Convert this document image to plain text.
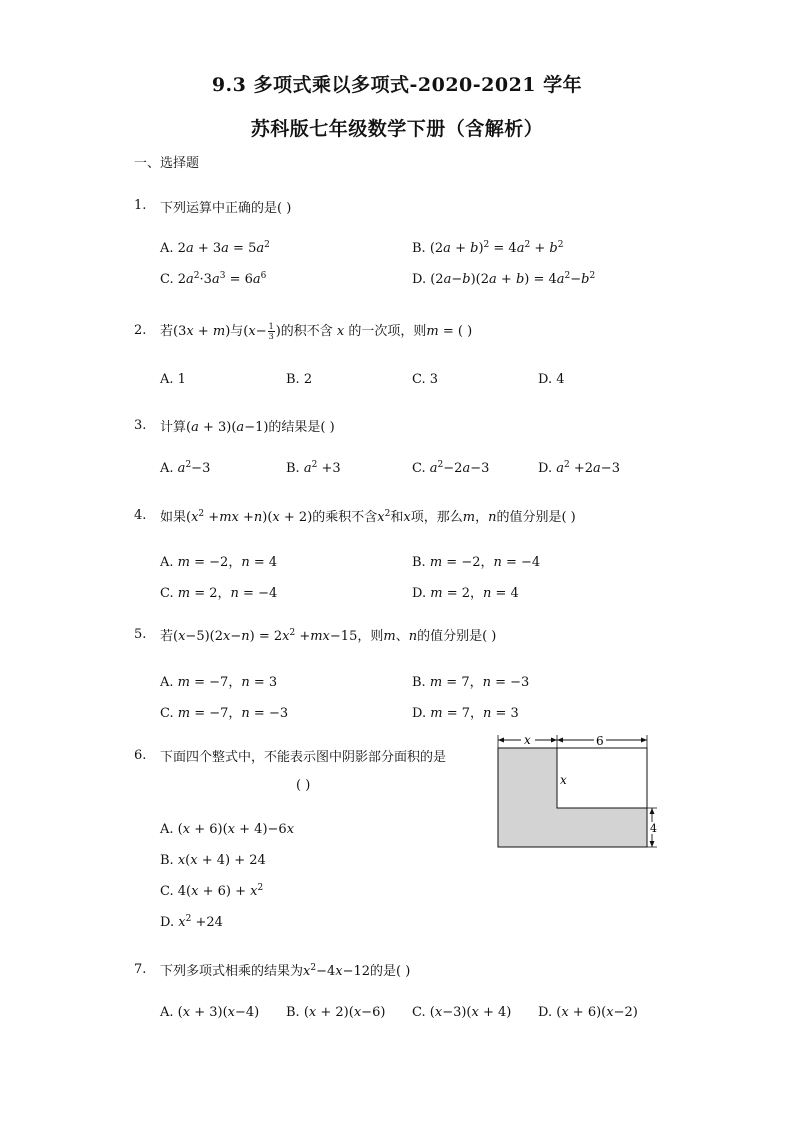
9.3 多项式乘以多项式-2020-2021 学年
苏科版七年级数学下册（含解析）
一、选择题
1. 下列运算中正确的是( )
A. $2a + 3a = 5a^2$	B. $(2a + b)^2 = 4a^2 + b^2$
C. $2a^2\cdot 3a^3 = 6a^6$	D. $(2a-b)(2a + b) = 4a^2-b^2$
2. 若(3x + m)与($x- \frac{1}{3}$ )的积不含 x 的一次项，则m = ( )
A. 1	B. 2	C. 3	D. 4
3. 计算(a + 3)(a−1)的结果是( )
A. $a^2-3$	B. $a^2 +3$	C. $a^2-2a-3$	D. $a^2 +2a-3$
4. 如果$(x^2 +mx +n)(x + 2)$的乘积不含$x^2$和x项，那么m，n的值分别是( )
A. m = −2，n = 4	B. m = −2，n = −4
C. m = 2，n = −4	D. m = 2，n = 4
5. 若$(x-5)(2x-n) = 2x^2 +mx-15$，则m、n的值分别是( )
A. m = −7，n = 3	B. m = 7，n = −3
C. m = −7，n = −3	D. m = 7，n = 3
6. 下面四个整式中，不能表示图中阴影部分面积的是
( )
A. (x + 6)(x + 4)−6x
B. x(x + 4) + 24
C. $4(x + 6) + x^2$
D. $x^2 +24$
x	6
x
4
7. 下列多项式相乘的结果为$x^2-4x-12$的是( )
A. (x + 3)(x−4) B. (x + 2)(x−6) C. (x−3)(x + 4) D. (x + 6)(x−2)
